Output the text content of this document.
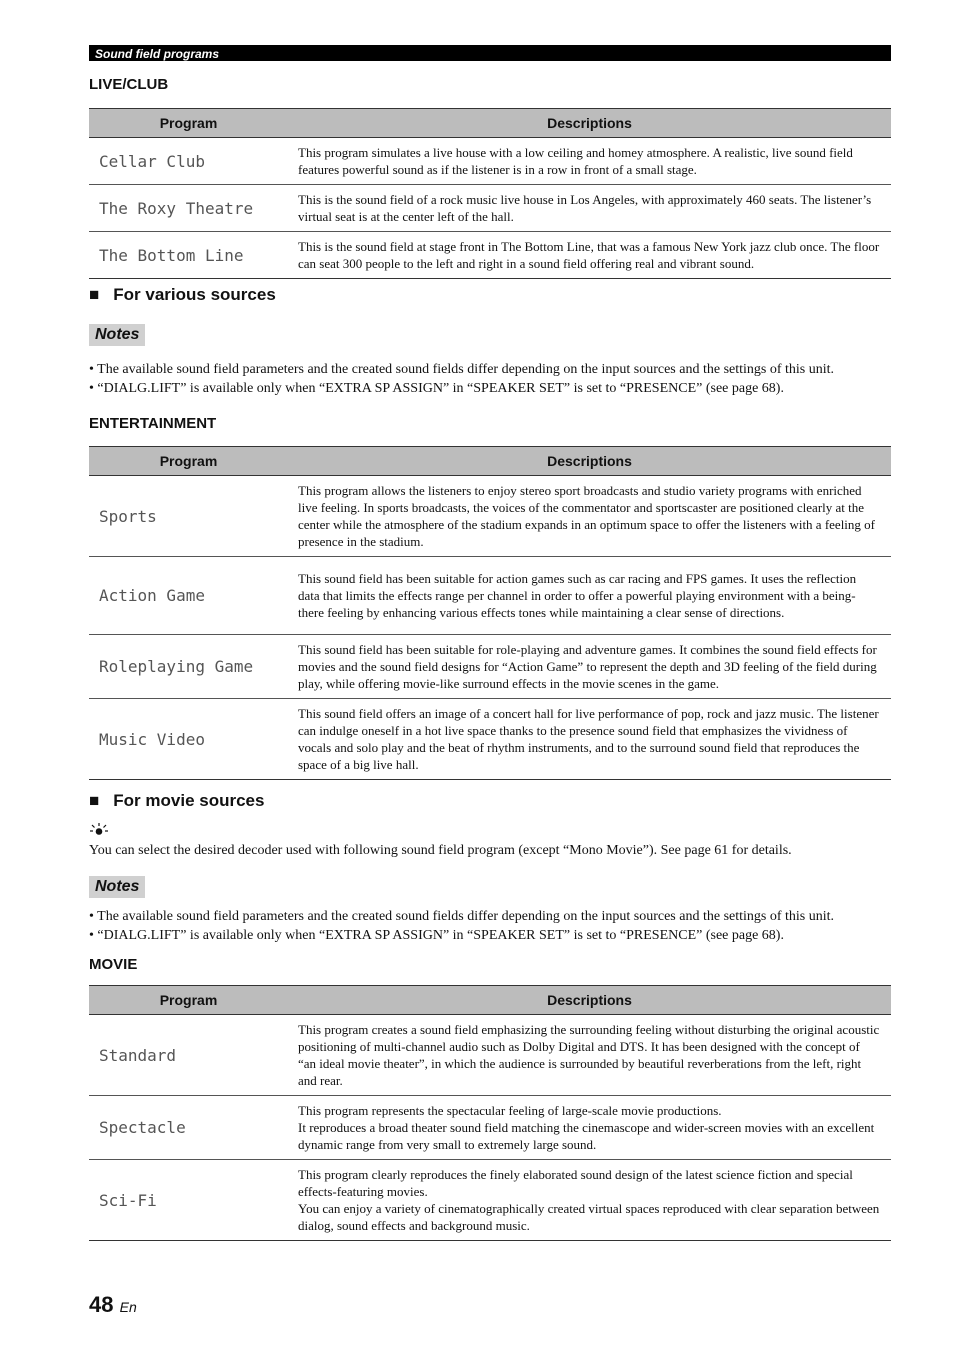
Sound field programs
LIVE/CLUB
Program	Descriptions
Cellar Club	This program simulates a live house with a low ceiling and homey atmosphere. A realistic, live sound field features powerful sound as if the listener is in a row in front of a small stage.
The Roxy Theatre	This is the sound field of a rock music live house in Los Angeles, with approximately 460 seats. The listener’s virtual seat is at the center left of the hall.
The Bottom Line	This is the sound field at stage front in The Bottom Line, that was a famous New York jazz club once. The floor can seat 300 people to the left and right in a sound field offering real and vibrant sound.
■ For various sources
Notes
• The available sound field parameters and the created sound fields differ depending on the input sources and the settings of this unit.
• “DIALG.LIFT” is available only when “EXTRA SP ASSIGN” in “SPEAKER SET” is set to “PRESENCE” (see page 68).
ENTERTAINMENT
Program	Descriptions
Sports	This program allows the listeners to enjoy stereo sport broadcasts and studio variety programs with enriched live feeling. In sports broadcasts, the voices of the commentator and sportscaster are positioned clearly at the center while the atmosphere of the stadium expands in an optimum space to offer the listeners with a feeling of presence in the stadium.
Action Game	This sound field has been suitable for action games such as car racing and FPS games. It uses the reflection data that limits the effects range per channel in order to offer a powerful playing environment with a being-there feeling by enhancing various effects tones while maintaining a clear sense of directions.
Roleplaying Game	This sound field has been suitable for role-playing and adventure games. It combines the sound field effects for movies and the sound field designs for “Action Game” to represent the depth and 3D feeling of the field during play, while offering movie-like surround effects in the movie scenes in the game.
Music Video	This sound field offers an image of a concert hall for live performance of pop, rock and jazz music. The listener can indulge oneself in a hot live space thanks to the presence sound field that emphasizes the vividness of vocals and solo play and the beat of rhythm instruments, and to the surround sound field that reproduces the space of a big live hall.
■ For movie sources
You can select the desired decoder used with following sound field program (except “Mono Movie”). See page 61 for details.
Notes
• The available sound field parameters and the created sound fields differ depending on the input sources and the settings of this unit.
• “DIALG.LIFT” is available only when “EXTRA SP ASSIGN” in “SPEAKER SET” is set to “PRESENCE” (see page 68).
MOVIE
Program	Descriptions
Standard	This program creates a sound field emphasizing the surrounding feeling without disturbing the original acoustic positioning of multi-channel audio such as Dolby Digital and DTS. It has been designed with the concept of “an ideal movie theater”, in which the audience is surrounded by beautiful reverberations from the left, right and rear.
Spectacle	This program represents the spectacular feeling of large-scale movie productions.
It reproduces a broad theater sound field matching the cinemascope and wider-screen movies with an excellent dynamic range from very small to extremely large sound.

Sci-Fi	This program clearly reproduces the finely elaborated sound design of the latest science fiction and special effects-featuring movies.
You can enjoy a variety of cinematographically created virtual spaces reproduced with clear separation between dialog, sound effects and background music.
48 En
